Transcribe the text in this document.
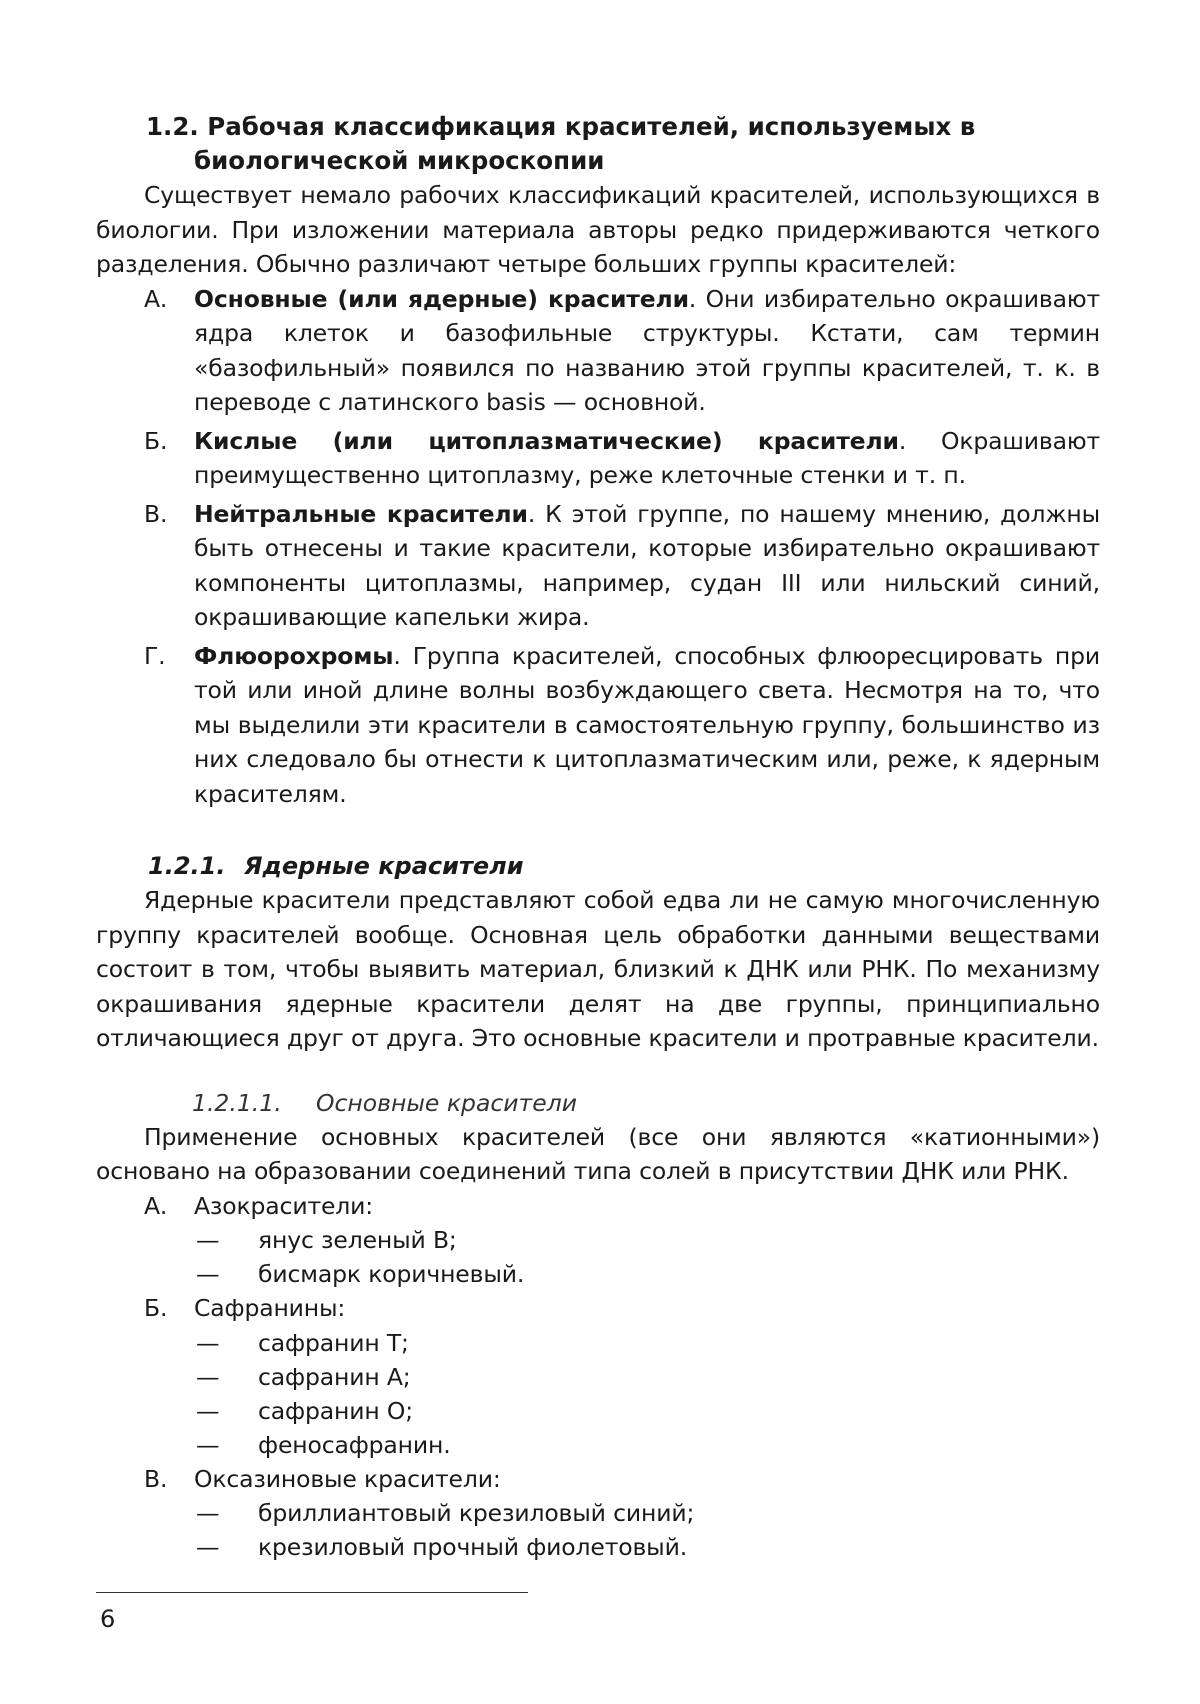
1.2. Рабочая классификация красителей, используемых в биологической микроскопии

Существует немало рабочих классификаций красителей, использующихся в биологии. При изложении материала авторы редко придерживаются четкого разделения. Обычно различают четыре больших группы красителей:

А. Основные (или ядерные) красители. Они избирательно окрашивают ядра клеток и базофильные структуры. Кстати, сам термин «базофильный» появился по названию этой группы красителей, т. к. в переводе с латинского basis — основной.
Б. Кислые (или цитоплазматические) красители. Окрашивают преимущественно цитоплазму, реже клеточные стенки и т. п.
В. Нейтральные красители. К этой группе, по нашему мнению, должны быть отнесены и такие красители, которые избирательно окрашивают компоненты цитоплазмы, например, судан III или нильский синий, окрашивающие капельки жира.
Г. Флюорохромы. Группа красителей, способных флюоресцировать при той или иной длине волны возбуждающего света. Несмотря на то, что мы выделили эти красители в самостоятельную группу, большинство из них следовало бы отнести к цитоплазматическим или, реже, к ядерным красителям.

1.2.1. Ядерные красители

Ядерные красители представляют собой едва ли не самую многочисленную группу красителей вообще. Основная цель обработки данными веществами состоит в том, чтобы выявить материал, близкий к ДНК или РНК. По механизму окрашивания ядерные красители делят на две группы, принципиально отличающиеся друг от друга. Это основные красители и протравные красители.

1.2.1.1. Основные красители

Применение основных красителей (все они являются «катионными») основано на образовании соединений типа солей в присутствии ДНК или РНК.

А. Азокрасители:
— янус зеленый В;
— бисмарк коричневый.
Б. Сафранины:
— сафранин Т;
— сафранин А;
— сафранин О;
— феносафранин.
В. Оксазиновые красители:
— бриллиантовый крезиловый синий;
— крезиловый прочный фиолетовый.
6
